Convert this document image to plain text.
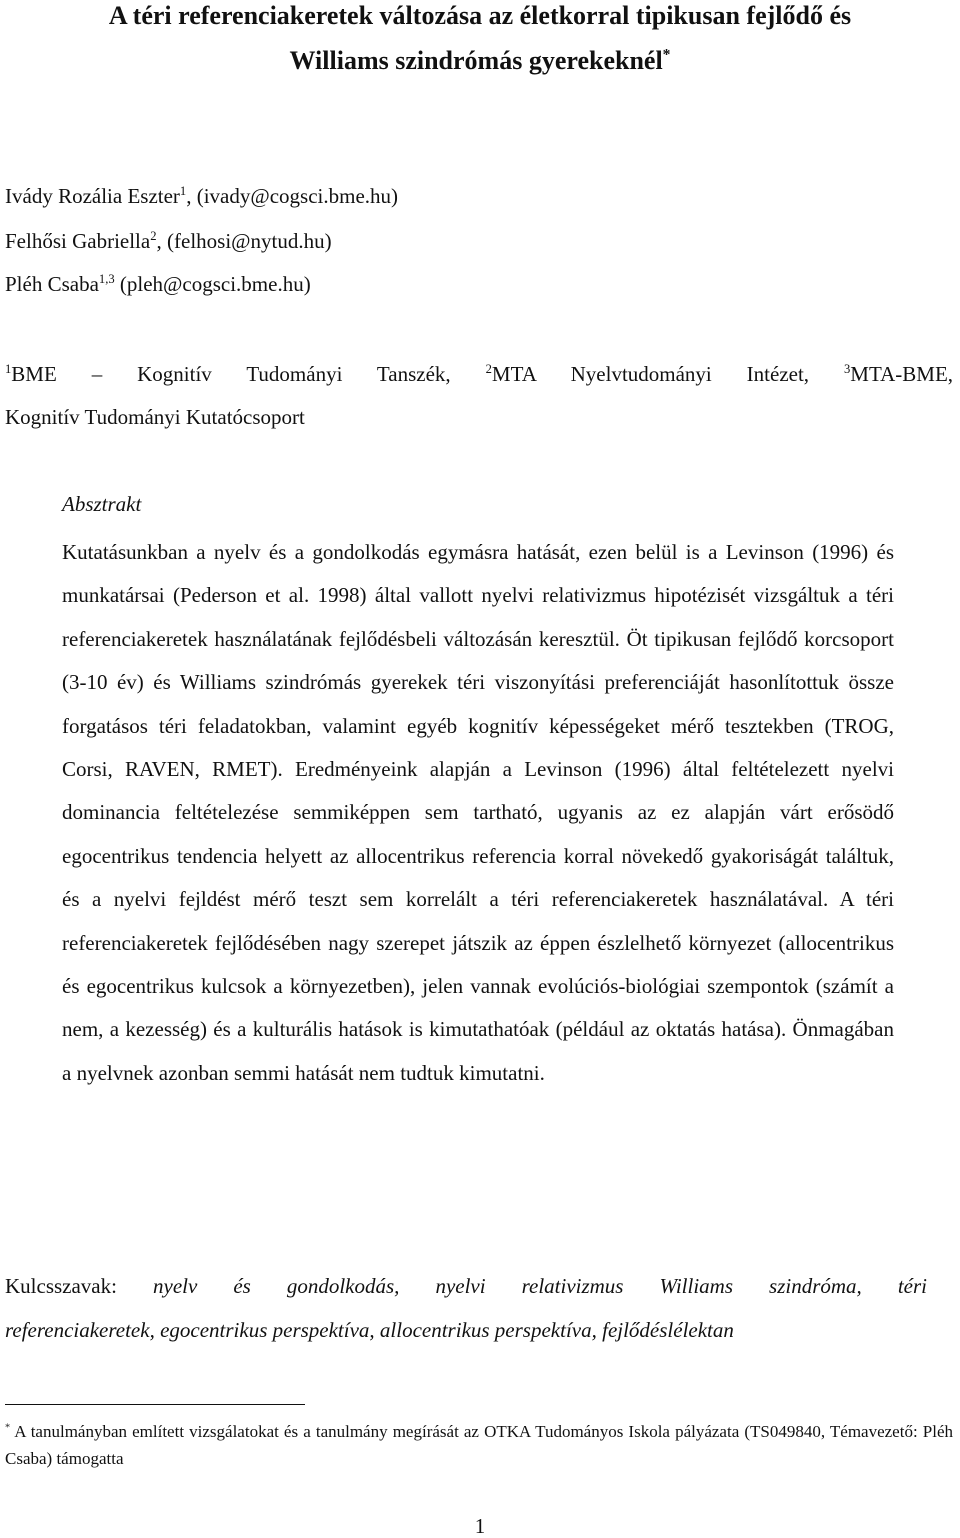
A téri referenciakeretek változása az életkorral tipikusan fejlődő és
Williams szindrómás gyerekeknél*
Ivády Rozália Eszter$^1$, (ivady@cogsci.bme.hu)
Felhősi Gabriella$^2$, (felhosi@nytud.hu)
Pléh Csaba$^{1,3}$ (pleh@cogsci.bme.hu)
$^1$BME – Kognitív Tudományi Tanszék,	$^2$MTA Nyelvtudományi Intézet,	$^3$MTA-BME,
Kognitív Tudományi Kutatócsoport
Absztrakt

Kutatásunkban a nyelv és a gondolkodás egymásra hatását, ezen belül is a Levinson (1996) és munkatársai (Pederson et al. 1998) által vallott nyelvi relativizmus hipotézisét vizsgáltuk a téri referenciakeretek használatának fejlődésbeli változásán keresztül. Öt tipikusan fejlődő korcsoport (3-10 év) és Williams szindrómás gyerekek téri viszonyítási preferenciáját hasonlítottuk össze forgatásos téri feladatokban, valamint egyéb kognitív képességeket mérő tesztekben (TROG, Corsi, RAVEN, RMET). Eredményeink alapján a Levinson (1996) által feltételezett nyelvi dominancia feltételezése semmiképpen sem tartható, ugyanis az ez alapján várt erősödő egocentrikus tendencia helyett az allocentrikus referencia korral növekedő gyakoriságát találtuk, és a nyelvi fejldést mérő teszt sem korrelált a téri referenciakeretek használatával. A téri referenciakeretek fejlődésében nagy szerepet játszik az éppen észlelhető környezet (allocentrikus és egocentrikus kulcsok a környezetben), jelen vannak evolúciós-biológiai szempontok (számít a nem, a kezesség) és a kulturális hatások is kimutathatóak (például az oktatás hatása). Önmagában a nyelvnek azonban semmi hatását nem tudtuk kimutatni.

Kulcsszavak: nyelv és gondolkodás, nyelvi relativizmus Williams szindróma, téri
referenciakeretek, egocentrikus perspektíva, allocentrikus perspektíva, fejlődéslélektan

* A tanulmányban említett vizsgálatokat és a tanulmány megírását az OTKA Tudományos Iskola pályázata (TS049840, Témavezető: Pléh Csaba) támogatta

1
